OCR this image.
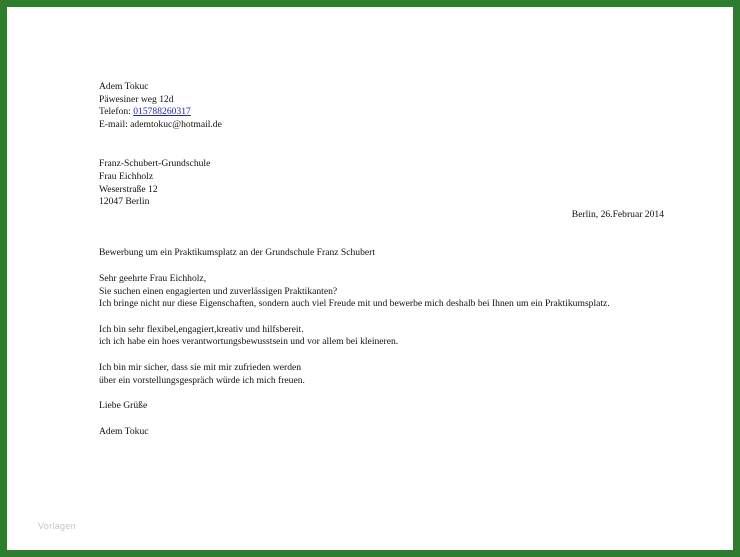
Adem Tokuc
Päwesiner weg 12d
Telefon: 015788260317
E-mail: ademtokuc@hotmail.de
Franz-Schubert-Grundschule
Frau Eichholz
Weserstraße 12
12047 Berlin
Berlin, 26.Februar 2014
Bewerbung um ein Praktikumsplatz an der Grundschule Franz Schubert
Sehr geehrte Frau Eichholz,
Sie suchen einen engagierten und zuverlässigen Praktikanten?
Ich bringe nicht nur diese Eigenschaften, sondern auch viel Freude mit und bewerbe mich deshalb bei Ihnen um ein Praktikumsplatz.
Ich bin sehr flexibel,engagiert,kreativ und hilfsbereit.
ich ich habe ein hoes verantwortungsbewusstsein und vor allem bei kleineren.
Ich bin mir sicher, dass sie mit mir zufrieden werden
über ein vorstellungsgespräch würde ich mich freuen.
Liebe Grüße
Adem Tokuc
Vorlagen
